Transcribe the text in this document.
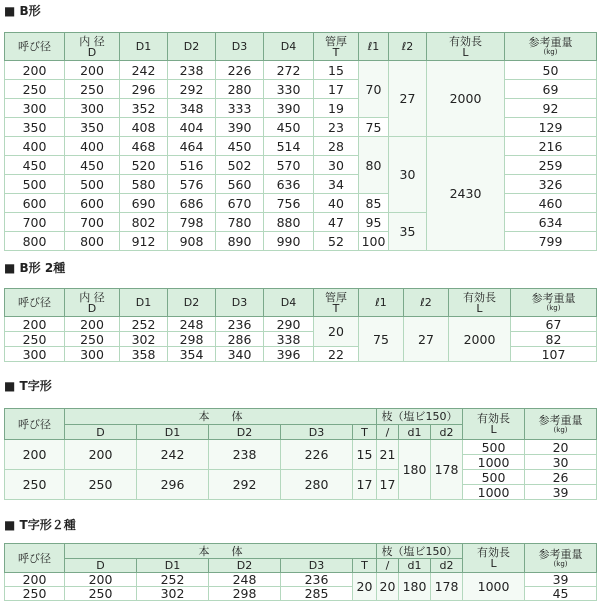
■ B形
呼び径	内 径
D	D1	D2	D3	D4	管厚
T	ℓ1	ℓ2	有効長
L	参考重量
(kg)

200	200	242	238	226	272	15	70	27	2000	50
250	250	296	292	280	330	17				69
300	300	352	348	333	390	19				92
350	350	408	404	390	450	23	75			129
400	400	468	464	450	514	28	80	30	2430	216
450	450	520	516	502	570	30				259
500	500	580	576	560	636	34				326
600	600	690	686	670	756	40	85			460
700	700	802	798	780	880	47	95	35		634
800	800	912	908	890	990	52	100			799
■ B形 2種
呼び径	内 径
D	D1	D2	D3	D4	管厚
T	ℓ1	ℓ2	有効長
L	参考重量
(kg)

200	200	252	248	236	290	20	75	27	2000	67
250	250	302	298	286	338					82
300	300	358	354	340	396	22				107
■ T字形
呼び径	本　　体					枝（塩ビ150）			有効長
L	参考重量
(kg)

	D	D1	D2	D3	T	/	d1	d2		
200	200	242	238	226	15	21	180	178	500	20
									1000	30
250	250	296	292	280	17	17			500	26
									1000	39
■ T字形２種
呼び径	本　　体					枝（塩ビ150）			有効長
L	参考重量
(kg)

	D	D1	D2	D3	T	/	d1	d2		
200	200	252	248	236	20	20	180	178	1000	39
250	250	302	298	285						45
